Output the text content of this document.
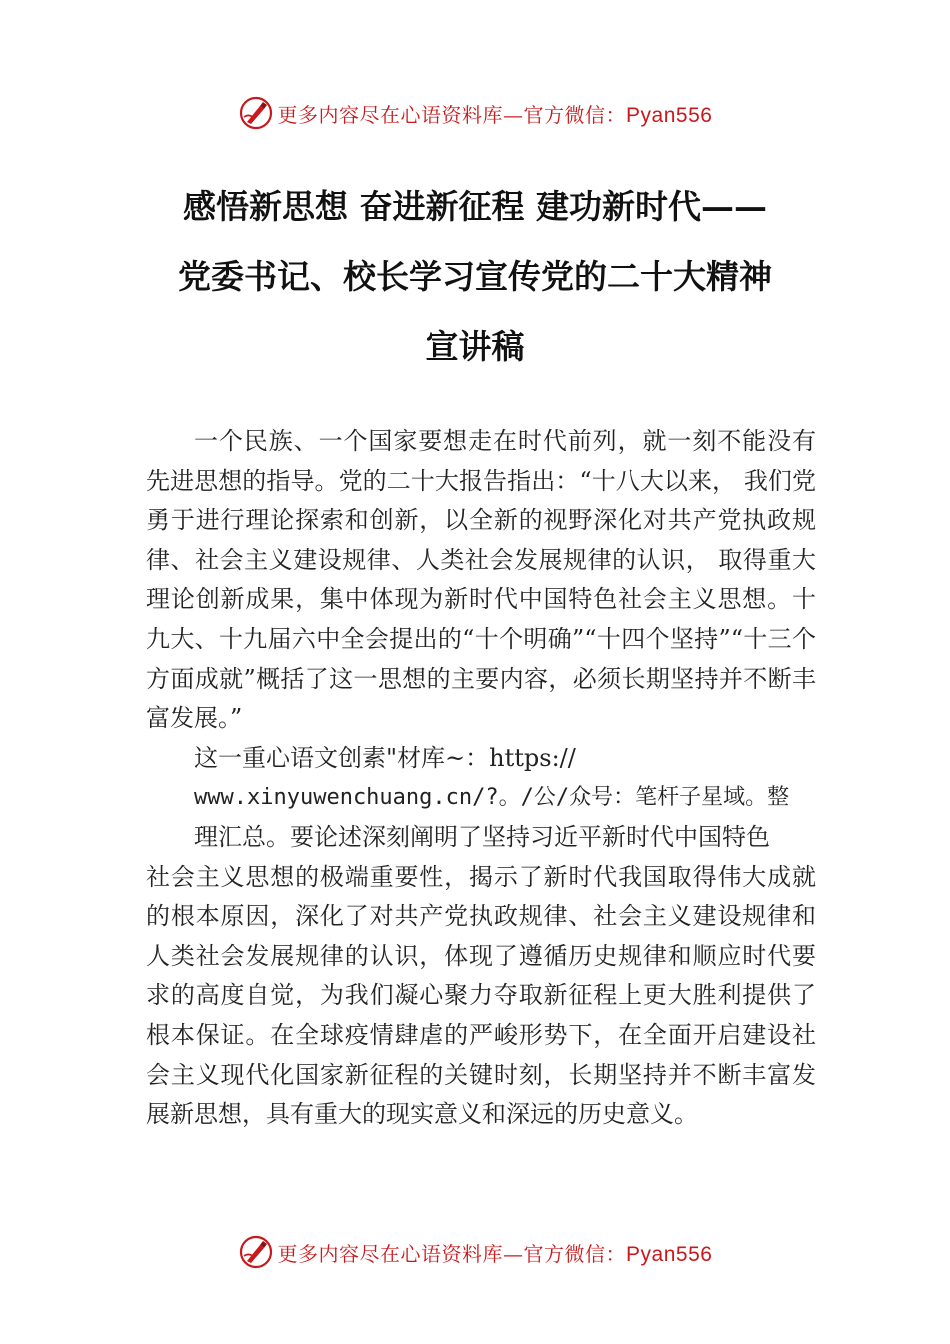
更多内容尽在心语资料库—官方微信：Pyan556
感悟新思想 奋进新征程 建功新时代——
党委书记、校长学习宣传党的二十大精神
宣讲稿

一个民族、一个国家要想走在时代前列，就一刻不能没有先进思想的指导。党的二十大报告指出：“十八大以来， 我们党勇于进行理论探索和创新，以全新的视野深化对共产党执政规律、社会主义建设规律、人类社会发展规律的认识， 取得重大理论创新成果，集中体现为新时代中国特色社会主义思想。十九大、十九届六中全会提出的“十个明确”“十四个坚持”“十三个方面成就”概括了这一思想的主要内容，必须长期坚持并不断丰富发展。”

这一重心语文创素"材库~：https://
www.xinyuwenchuang.cn/?。/公/众号：笔杆子星域。整

理汇总。要论述深刻阐明了坚持习近平新时代中国特色
社会主义思想的极端重要性，揭示了新时代我国取得伟大成就的根本原因，深化了对共产党执政规律、社会主义建设规律和人类社会发展规律的认识，体现了遵循历史规律和顺应时代要求的高度自觉，为我们凝心聚力夺取新征程上更大胜利提供了根本保证。在全球疫情肆虐的严峻形势下，在全面开启建设社会主义现代化国家新征程的关键时刻，长期坚持并不断丰富发展新思想，具有重大的现实意义和深远的历史意义。

更多内容尽在心语资料库—官方微信：Pyan556
